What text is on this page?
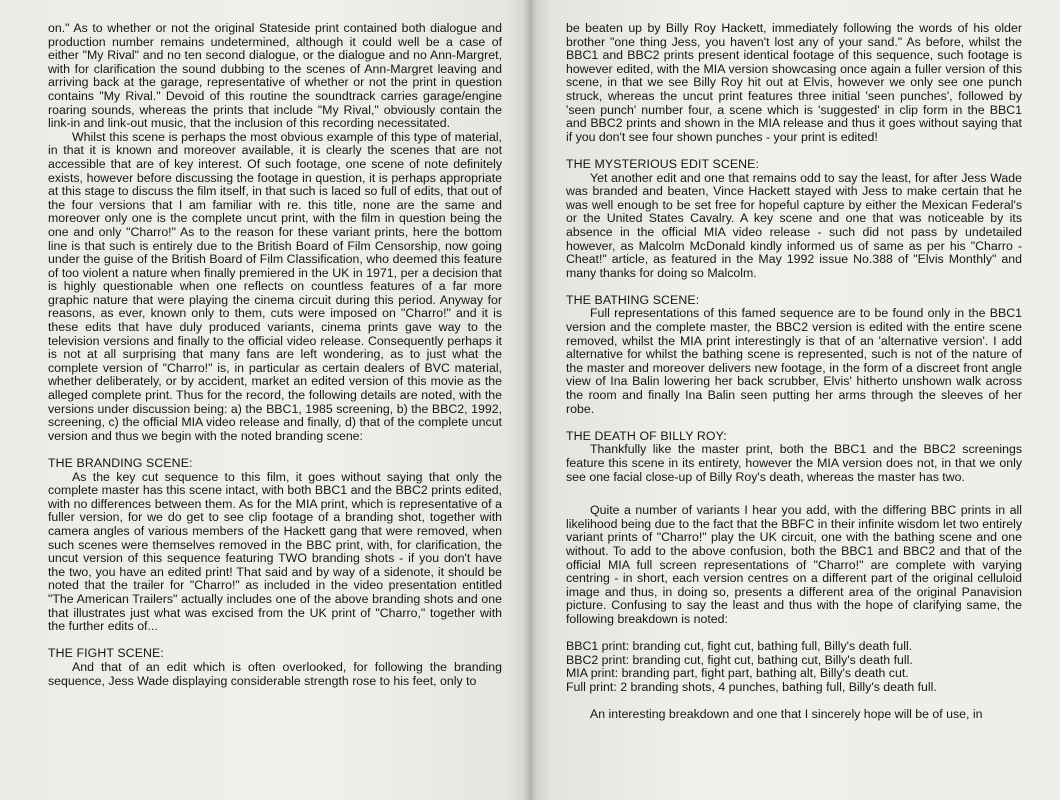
on." As to whether or not the original Stateside print contained both dialogue and production number remains undetermined, although it could well be a case of either "My Rival" and no ten second dialogue, or the dialogue and no Ann-Margret, with for clarification the sound dubbing to the scenes of Ann-Margret leaving and arriving back at the garage, representative of whether or not the print in question contains "My Rival." Devoid of this routine the soundtrack carries garage/engine roaring sounds, whereas the prints that include "My Rival," obviously contain the link-in and link-out music, that the inclusion of this recording necessitated.

Whilst this scene is perhaps the most obvious example of this type of material, in that it is known and moreover available, it is clearly the scenes that are not accessible that are of key interest. Of such footage, one scene of note definitely exists, however before discussing the footage in question, it is perhaps appropriate at this stage to discuss the film itself, in that such is laced so full of edits, that out of the four versions that I am familiar with re. this title, none are the same and moreover only one is the complete uncut print, with the film in question being the one and only "Charro!" As to the reason for these variant prints, here the bottom line is that such is entirely due to the British Board of Film Censorship, now going under the guise of the British Board of Film Classification, who deemed this feature of too violent a nature when finally premiered in the UK in 1971, per a decision that is highly questionable when one reflects on countless features of a far more graphic nature that were playing the cinema circuit during this period. Anyway for reasons, as ever, known only to them, cuts were imposed on "Charro!" and it is these edits that have duly produced variants, cinema prints gave way to the television versions and finally to the official video release. Consequently perhaps it is not at all surprising that many fans are left wondering, as to just what the complete version of "Charro!" is, in particular as certain dealers of BVC material, whether deliberately, or by accident, market an edited version of this movie as the alleged complete print. Thus for the record, the following details are noted, with the versions under discussion being: a) the BBC1, 1985 screening, b) the BBC2, 1992, screening, c) the official MIA video release and finally, d) that of the complete uncut version and thus we begin with the noted branding scene:

THE BRANDING SCENE:

As the key cut sequence to this film, it goes without saying that only the complete master has this scene intact, with both BBC1 and the BBC2 prints edited, with no differences between them. As for the MIA print, which is representative of a fuller version, for we do get to see clip footage of a branding shot, together with camera angles of various members of the Hackett gang that were removed, when such scenes were themselves removed in the BBC print, with, for clarification, the uncut version of this sequence featuring TWO branding shots - if you don't have the two, you have an edited print! That said and by way of a sidenote, it should be noted that the trailer for "Charro!" as included in the video presentation entitled "The American Trailers" actually includes one of the above branding shots and one that illustrates just what was excised from the UK print of "Charro," together with the further edits of...

THE FIGHT SCENE:

And that of an edit which is often overlooked, for following the branding sequence, Jess Wade displaying considerable strength rose to his feet, only to

be beaten up by Billy Roy Hackett, immediately following the words of his older brother "one thing Jess, you haven't lost any of your sand." As before, whilst the BBC1 and BBC2 prints present identical footage of this sequence, such footage is however edited, with the MIA version showcasing once again a fuller version of this scene, in that we see Billy Roy hit out at Elvis, however we only see one punch struck, whereas the uncut print features three initial 'seen punches', followed by 'seen punch' number four, a scene which is 'suggested' in clip form in the BBC1 and BBC2 prints and shown in the MIA release and thus it goes without saying that if you don't see four shown punches - your print is edited!

THE MYSTERIOUS EDIT SCENE:

Yet another edit and one that remains odd to say the least, for after Jess Wade was branded and beaten, Vince Hackett stayed with Jess to make certain that he was well enough to be set free for hopeful capture by either the Mexican Federal's or the United States Cavalry. A key scene and one that was noticeable by its absence in the official MIA video release - such did not pass by undetailed however, as Malcolm McDonald kindly informed us of same as per his "Charro - Cheat!" article, as featured in the May 1992 issue No.388 of "Elvis Monthly" and many thanks for doing so Malcolm.

THE BATHING SCENE:

Full representations of this famed sequence are to be found only in the BBC1 version and the complete master, the BBC2 version is edited with the entire scene removed, whilst the MIA print interestingly is that of an 'alternative version'. I add alternative for whilst the bathing scene is represented, such is not of the nature of the master and moreover delivers new footage, in the form of a discreet front angle view of Ina Balin lowering her back scrubber, Elvis' hitherto unshown walk across the room and finally Ina Balin seen putting her arms through the sleeves of her robe.

THE DEATH OF BILLY ROY:

Thankfully like the master print, both the BBC1 and the BBC2 screenings feature this scene in its entirety, however the MIA version does not, in that we only see one facial close-up of Billy Roy's death, whereas the master has two.

Quite a number of variants I hear you add, with the differing BBC prints in all likelihood being due to the fact that the BBFC in their infinite wisdom let two entirely variant prints of "Charro!" play the UK circuit, one with the bathing scene and one without. To add to the above confusion, both the BBC1 and BBC2 and that of the official MIA full screen representations of "Charro!" are complete with varying centring - in short, each version centres on a different part of the original celluloid image and thus, in doing so, presents a different area of the original Panavision picture. Confusing to say the least and thus with the hope of clarifying same, the following breakdown is noted:

BBC1 print: branding cut, fight cut, bathing full, Billy's death full.
BBC2 print: branding cut, fight cut, bathing cut, Billy's death full.
MIA print: branding part, fight part, bathing alt, Billy's death cut.
Full print: 2 branding shots, 4 punches, bathing full, Billy's death full.

An interesting breakdown and one that I sincerely hope will be of use, in
